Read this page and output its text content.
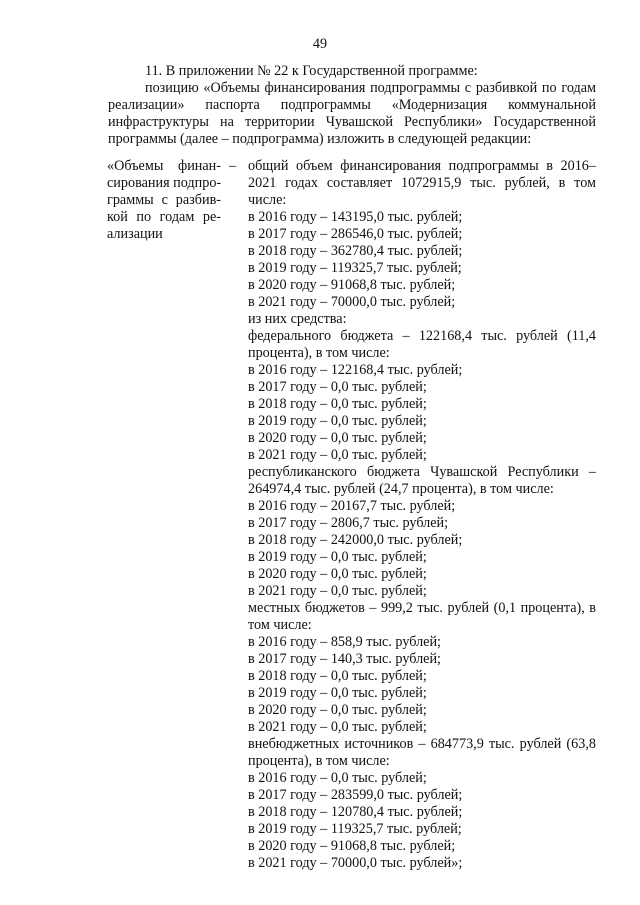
49

11. В приложении № 22 к Государственной программе:

позицию «Объемы финансирования подпрограммы с разбивкой по годам реализации» паспорта подпрограммы «Модернизация коммунальной инфраструктуры на территории Чувашской Республики» Государственной программы (далее – подпрограмма) изложить в следующей редакции:

«Объемы финан-
сирования подпро-
граммы с разбив-
кой по годам ре-
ализации
– общий объем финансирования подпрограммы в 2016–2021 годах составляет 1072915,9 тыс. рублей, в том числе:
в 2016 году – 143195,0 тыс. рублей;
в 2017 году – 286546,0 тыс. рублей;
в 2018 году – 362780,4 тыс. рублей;
в 2019 году – 119325,7 тыс. рублей;
в 2020 году – 91068,8 тыс. рублей;
в 2021 году – 70000,0 тыс. рублей;
из них средства:
федерального бюджета – 122168,4 тыс. рублей (11,4 процента), в том числе:
в 2016 году – 122168,4 тыс. рублей;
в 2017 году – 0,0 тыс. рублей;
в 2018 году – 0,0 тыс. рублей;
в 2019 году – 0,0 тыс. рублей;
в 2020 году – 0,0 тыс. рублей;
в 2021 году – 0,0 тыс. рублей;
республиканского бюджета Чувашской Республики – 264974,4 тыс. рублей (24,7 процента), в том числе:
в 2016 году – 20167,7 тыс. рублей;
в 2017 году – 2806,7 тыс. рублей;
в 2018 году – 242000,0 тыс. рублей;
в 2019 году – 0,0 тыс. рублей;
в 2020 году – 0,0 тыс. рублей;
в 2021 году – 0,0 тыс. рублей;
местных бюджетов – 999,2 тыс. рублей (0,1 процента), в том числе:
в 2016 году – 858,9 тыс. рублей;
в 2017 году – 140,3 тыс. рублей;
в 2018 году – 0,0 тыс. рублей;
в 2019 году – 0,0 тыс. рублей;
в 2020 году – 0,0 тыс. рублей;
в 2021 году – 0,0 тыс. рублей;
внебюджетных источников – 684773,9 тыс. рублей (63,8 процента), в том числе:
в 2016 году – 0,0 тыс. рублей;
в 2017 году – 283599,0 тыс. рублей;
в 2018 году – 120780,4 тыс. рублей;
в 2019 году – 119325,7 тыс. рублей;
в 2020 году – 91068,8 тыс. рублей;
в 2021 году – 70000,0 тыс. рублей»;
